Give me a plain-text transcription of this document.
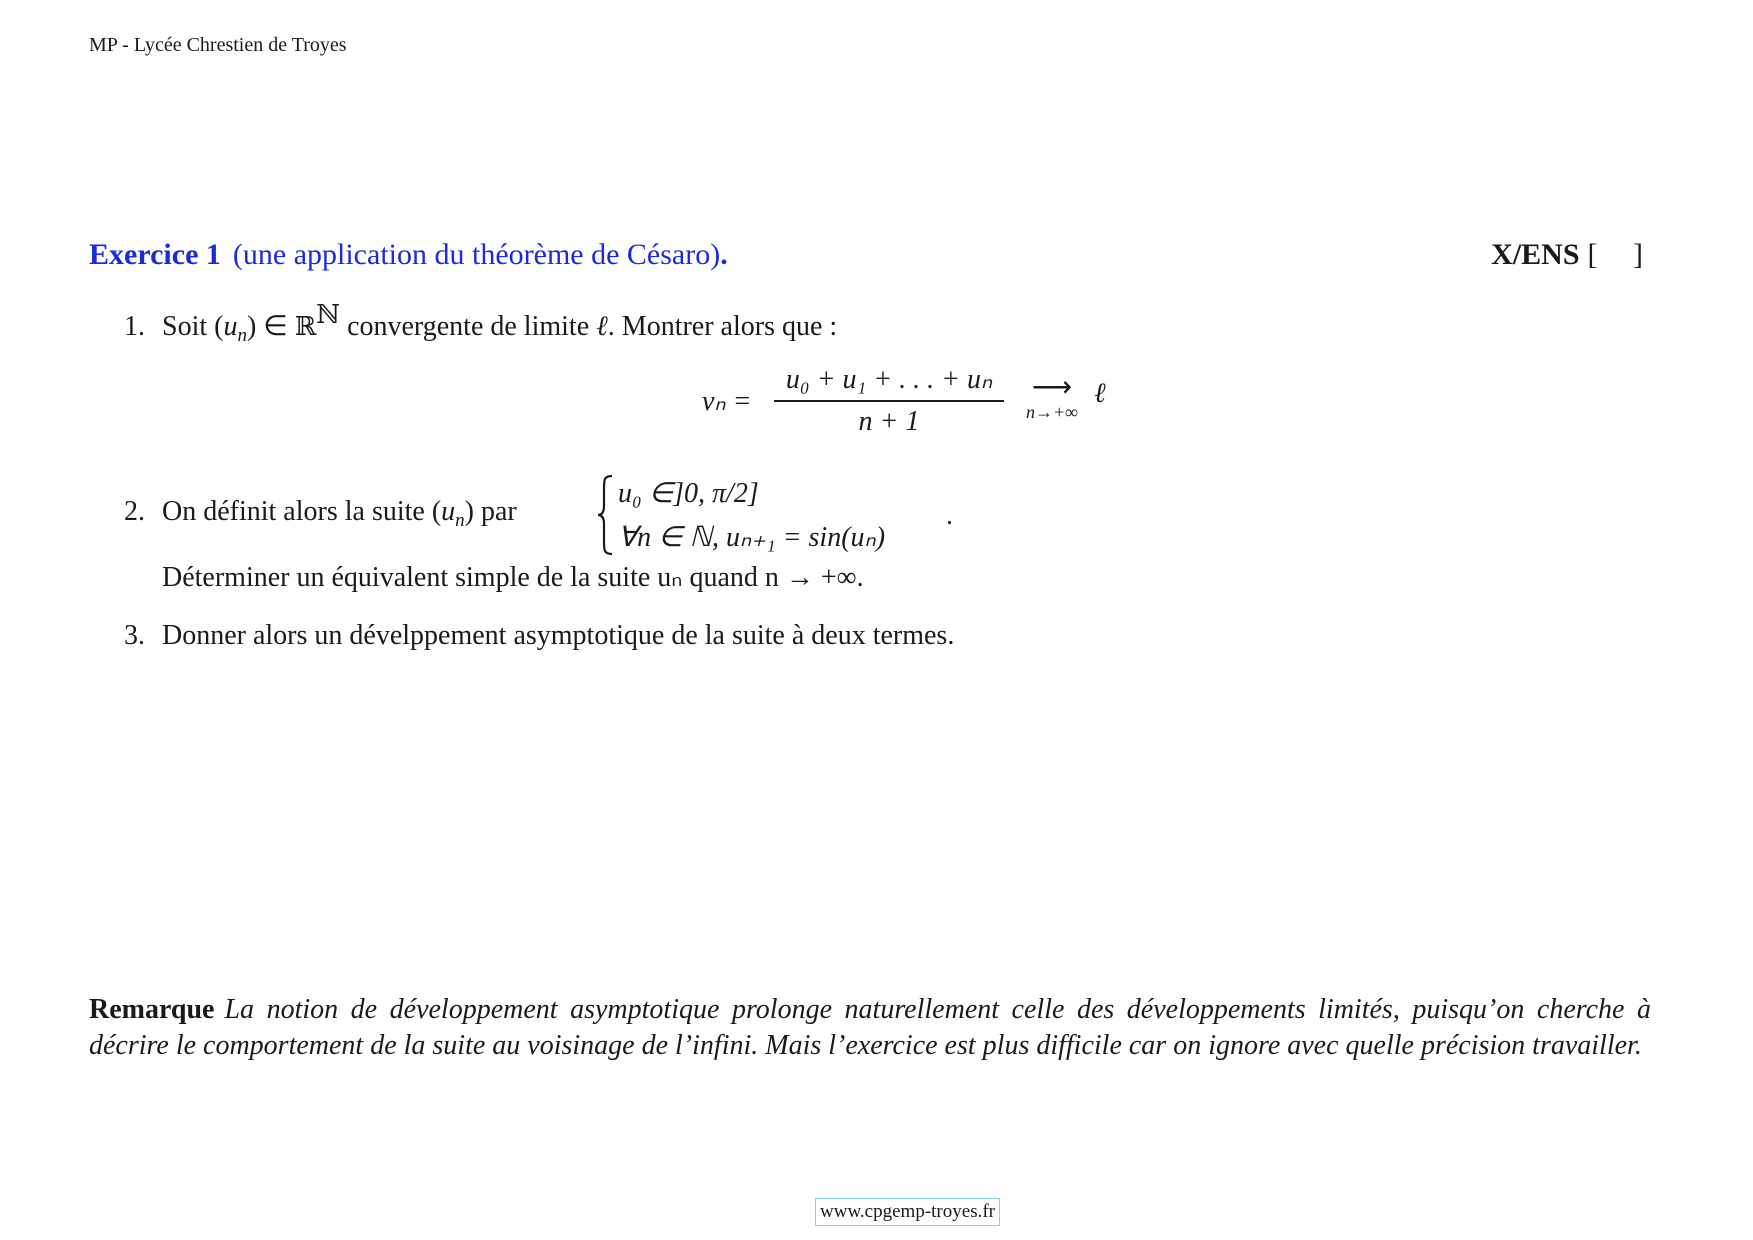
MP - Lycée Chrestien de Troyes
Exercice 1 (une application du théorème de Césaro).	X/ENS [ ]
1. Soit $(u_n)$ ∈ ℝℕ convergente de limite ℓ. Montrer alors que :
vₙ =
u₀ + u₁ + . . . + uₙ
n + 1
⟶
n→+∞
ℓ
2. On définit alors la suite $(u_n)$ par
u₀ ∈]0, π/2]
∀n ∈ ℕ, uₙ₊₁ = sin(uₙ)
.
Déterminer un équivalent simple de la suite uₙ quand n → +∞.
3. Donner alors un dévelppement asymptotique de la suite à deux termes.
Remarque La notion de développement asymptotique prolonge naturellement celle des développements limités, puisqu’on cherche à décrire le comportement de la suite au voisinage de l’infini. Mais l’exercice est plus difficile car on ignore avec quelle précision travailler.
www.cpgemp-troyes.fr
